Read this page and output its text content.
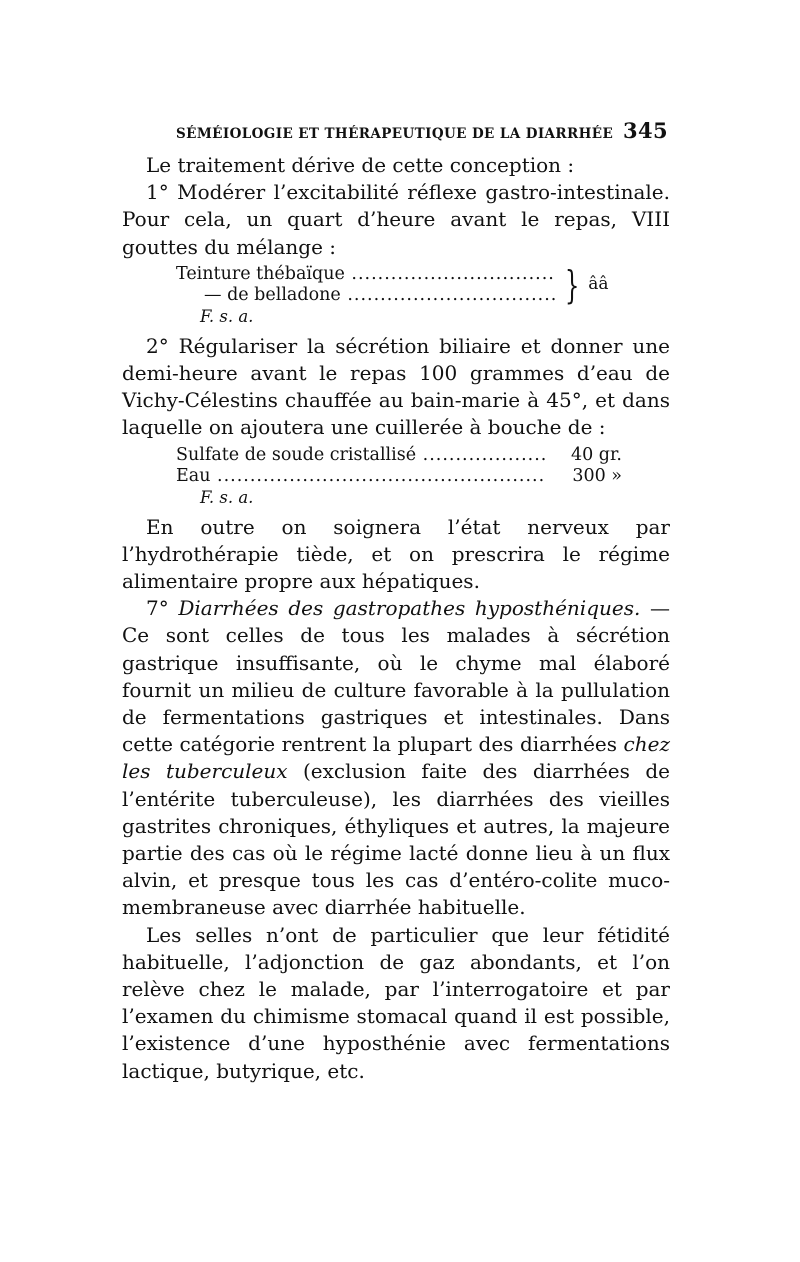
SÉMÉIOLOGIE ET THÉRAPEUTIQUE DE LA DIARRHÉE 345

Le traitement dérive de cette conception :

1° Modérer l’excitabilité réflexe gastro-intestinale. Pour cela, un quart d’heure avant le repas, VIII gouttes du mélange :

Teinture thébaïque .....
— de belladone .....	} ââ
F. s. a.

2° Régulariser la sécrétion biliaire et donner une demi-heure avant le repas 100 grammes d’eau de Vichy-Célestins chauffée au bain-marie à 45°, et dans laquelle on ajoutera une cuillerée à bouche de :

Sulfate de soude cristallisé .....	40 gr.
Eau .....	300 »
F. s. a.

En outre on soignera l’état nerveux par l’hydrothérapie tiède, et on prescrira le régime alimentaire propre aux hépatiques.

7° Diarrhées des gastropathes hyposthéniques. — Ce sont celles de tous les malades à sécrétion gastrique insuffisante, où le chyme mal élaboré fournit un milieu de culture favorable à la pullulation de fermentations gastriques et intestinales. Dans cette catégorie rentrent la plupart des diarrhées chez les tuberculeux (exclusion faite des diarrhées de l’entérite tuberculeuse), les diarrhées des vieilles gastrites chroniques, éthyliques et autres, la majeure partie des cas où le régime lacté donne lieu à un flux alvin, et presque tous les cas d’entéro-colite muco-membraneuse avec diarrhée habituelle.

Les selles n’ont de particulier que leur fétidité habituelle, l’adjonction de gaz abondants, et l’on relève chez le malade, par l’interrogatoire et par l’examen du chimisme stomacal quand il est possible, l’existence d’une hyposthénie avec fermentations lactique, butyrique, etc.
